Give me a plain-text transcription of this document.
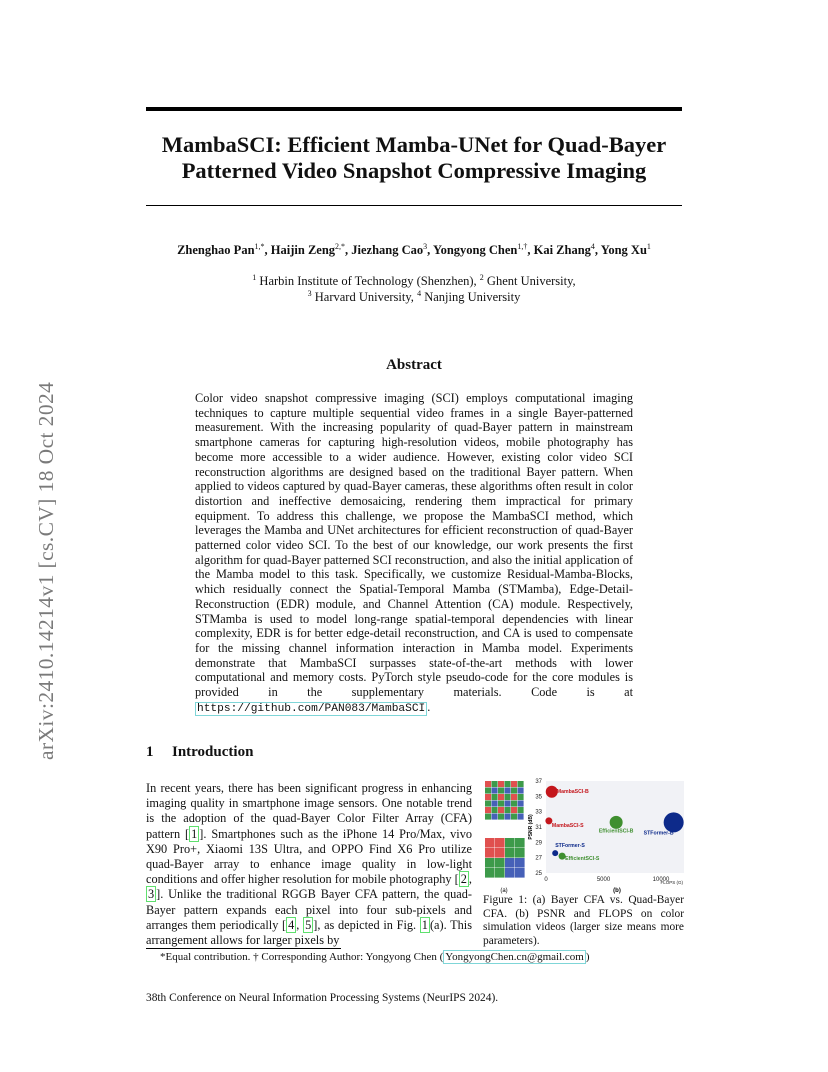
arXiv:2410.14214v1 [cs.CV] 18 Oct 2024
MambaSCI: Efficient Mamba-UNet for Quad-Bayer
Patterned Video Snapshot Compressive Imaging
Zhenghao Pan$^{1,*}$, Haijin Zeng$^{2,*}$, Jiezhang Cao$^3$, Yongyong Chen$^{1,\dagger}$, Kai Zhang$^4$, Yong Xu$^1$
$^1$ Harbin Institute of Technology (Shenzhen), $^2$ Ghent University,
$^3$ Harvard University, $^4$ Nanjing University
Abstract
Color video snapshot compressive imaging (SCI) employs computational imaging techniques to capture multiple sequential video frames in a single Bayer-patterned measurement. With the increasing popularity of quad-Bayer pattern in mainstream smartphone cameras for capturing high-resolution videos, mobile photography has become more accessible to a wider audience. However, existing color video SCI reconstruction algorithms are designed based on the traditional Bayer pattern. When applied to videos captured by quad-Bayer cameras, these algorithms often result in color distortion and ineffective demosaicing, rendering them impractical for primary equipment. To address this challenge, we propose the MambaSCI method, which leverages the Mamba and UNet architectures for efficient reconstruction of quad-Bayer patterned color video SCI. To the best of our knowledge, our work presents the first algorithm for quad-Bayer patterned SCI reconstruction, and also the initial application of the Mamba model to this task. Specifically, we customize Residual-Mamba-Blocks, which residually connect the Spatial-Temporal Mamba (STMamba), Edge-Detail-Reconstruction (EDR) module, and Channel Attention (CA) module. Respectively, STMamba is used to model long-range spatial-temporal dependencies with linear complexity, EDR is for better edge-detail reconstruction, and CA is used to compensate for the missing channel information interaction in Mamba model. Experiments demonstrate that MambaSCI surpasses state-of-the-art methods with lower computational and memory costs. PyTorch style pseudo-code for the core modules is provided in the supplementary materials. Code is at https://github.com/PAN083/MambaSCI .
1 Introduction
In recent years, there has been significant progress in enhancing imaging quality in smartphone image sensors. One notable trend is the adoption of the quad-Bayer Color Filter Array (CFA) pattern [ 1 ]. Smartphones such as the iPhone 14 Pro/Max, vivo X90 Pro+, Xiaomi 13S Ultra, and OPPO Find X6 Pro utilize quad-Bayer array to enhance image quality in low-light conditions and offer higher resolution for mobile photography [ 2 , 3 ]. Unlike the traditional RGGB Bayer CFA pattern, the quad-Bayer pattern expands each pixel into four sub-pixels and arranges them periodically [ 4 , 5 ], as depicted in Fig. 1 (a). This arrangement allows for larger pixels by
(a)	(b)
25
27
29
31
33
35
37
0	5000	10000
PSNR (dB)
FLOPS (G)
MambaSCI-B
MambaSCI-S
EfficientSCI-B STFormer-B
STFormer-S
EfficientSCI-S
Figure 1: (a) Bayer CFA vs. Quad-Bayer CFA. (b) PSNR and FLOPS on color simulation videos (larger size means more parameters).
*Equal contribution. † Corresponding Author: Yongyong Chen ( YongyongChen.cn@gmail.com )
38th Conference on Neural Information Processing Systems (NeurIPS 2024).
